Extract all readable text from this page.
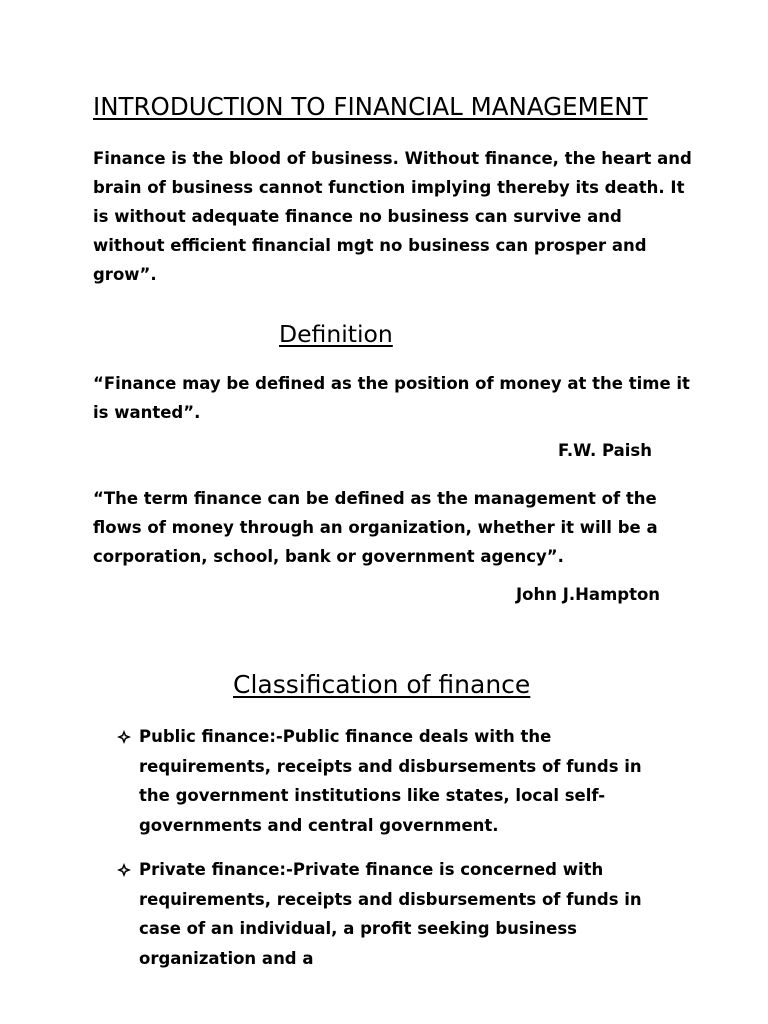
INTRODUCTION TO FINANCIAL MANAGEMENT

Finance is the blood of business. Without finance, the heart and brain of business cannot function implying thereby its death. It is without adequate finance no business can survive and without efficient financial mgt no business can prosper and grow”.

Definition

“Finance may be defined as the position of money at the time it is wanted”.

F.W. Paish

“The term finance can be defined as the management of the flows of money through an organization, whether it will be a corporation, school, bank or government agency”.

John J.Hampton
Classification of finance
Public finance:-Public finance deals with the requirements, receipts and disbursements of funds in the government institutions like states, local self-governments and central government.
Private finance:-Private finance is concerned with requirements, receipts and disbursements of funds in case of an individual, a profit seeking business organization and a
